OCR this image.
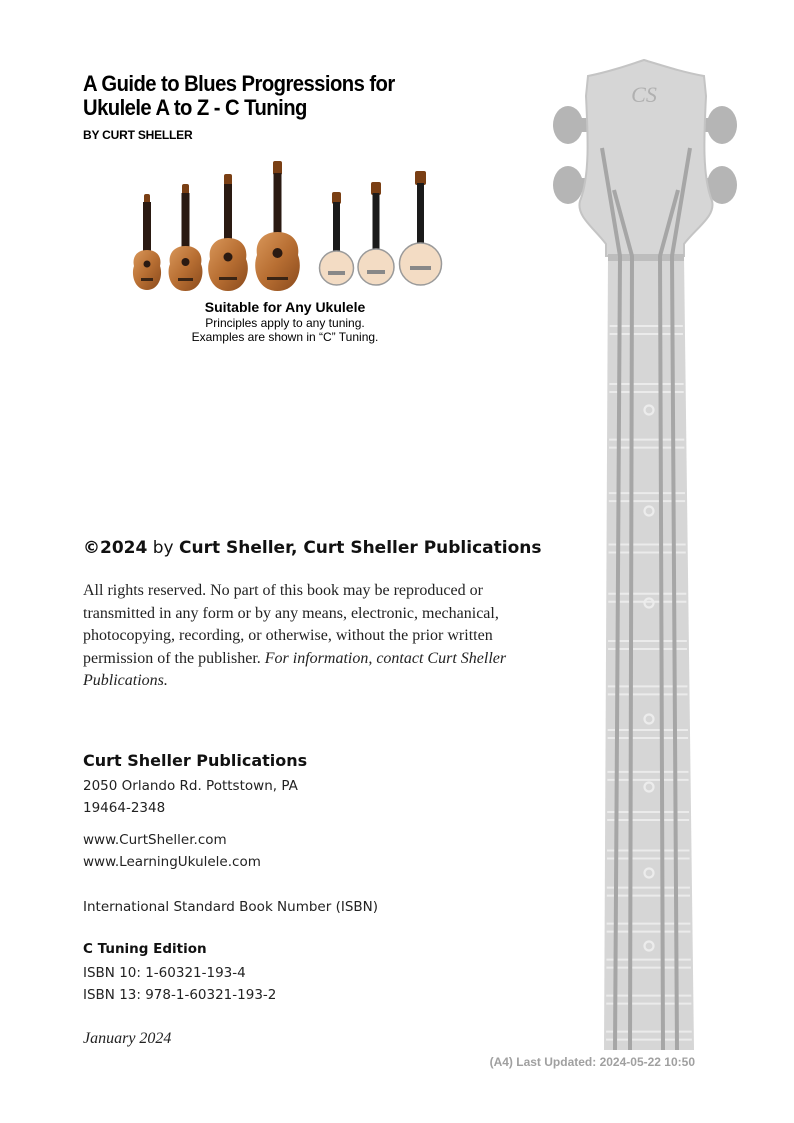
A Guide to Blues Progressions for
Ukulele A to Z - C Tuning
BY CURT SHELLER
Suitable for Any Ukulele
Principles apply to any tuning.
Examples are shown in “C” Tuning.
©2024 by Curt Sheller, Curt Sheller Publications
All rights reserved. No part of this book may be reproduced or transmitted in any form or by any means, electronic, mechanical, photocopying, recording, or otherwise, without the prior written permission of the publisher. For information, contact Curt Sheller Publications.
Curt Sheller Publications
2050 Orlando Rd. Pottstown, PA
19464-2348
www.CurtSheller.com
www.LearningUkulele.com
International Standard Book Number (ISBN)
C Tuning Edition
ISBN 10: 1-60321-193-4
ISBN 13: 978-1-60321-193-2
January 2024
(A4) Last Updated: 2024-05-22 10:50
CS
